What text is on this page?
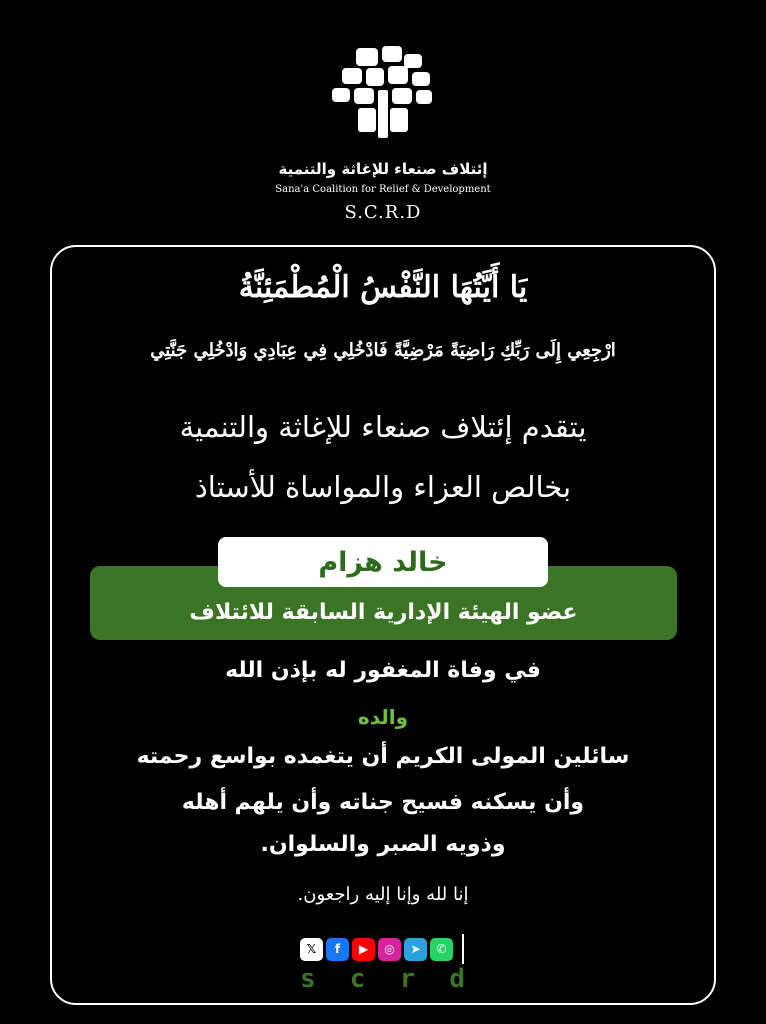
إئتلاف صنعاء للإغاثة والتنمية
Sana'a Coalition for Relief & Development
S.C.R.D
يَا أَيَّتُهَا النَّفْسُ الْمُطْمَئِنَّةُ
ارْجِعِي إِلَى رَبِّكِ رَاضِيَةً مَرْضِيَّةً فَادْخُلِي فِي عِبَادِي وَادْخُلِي جَنَّتِي
يتقدم إئتلاف صنعاء للإغاثة والتنمية
بخالص العزاء والمواساة للأستاذ
خالد هزام
عضو الهيئة الإدارية السابقة للائتلاف
في وفاة المغفور له بإذن الله
والده
سائلين المولى الكريم أن يتغمده بواسع رحمته
وأن يسكنه فسيح جناته وأن يلهم أهله
وذويه الصبر والسلوان.
إنا لله وإنا إليه راجعون.
𝕏	f	▶	◎	➤	✆
s c r d
